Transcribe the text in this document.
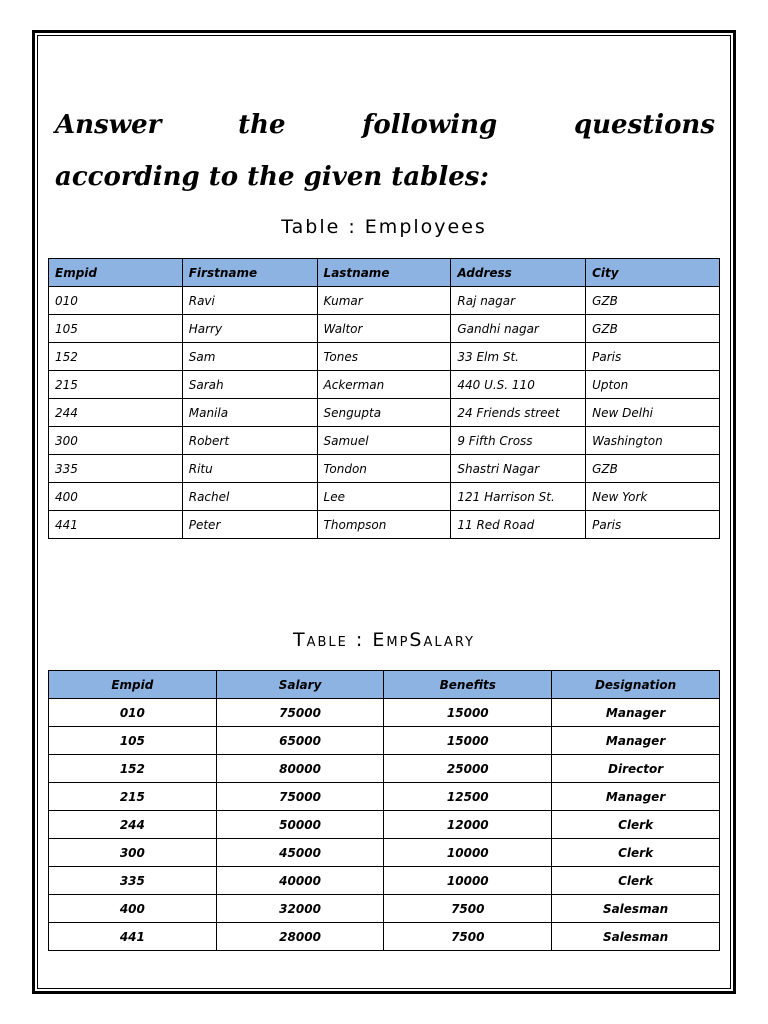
Answer	the	following	questions
according to the given tables:
Table : Employees
Empid	Firstname	Lastname	Address	City
010	Ravi	Kumar	Raj nagar	GZB
105	Harry	Waltor	Gandhi nagar	GZB
152	Sam	Tones	33 Elm St.	Paris
215	Sarah	Ackerman	440 U.S. 110	Upton
244	Manila	Sengupta	24 Friends street	New Delhi
300	Robert	Samuel	9 Fifth Cross	Washington
335	Ritu	Tondon	Shastri Nagar	GZB
400	Rachel	Lee	121 Harrison St.	New York
441	Peter	Thompson	11 Red Road	Paris
Table : EmpSalary
Empid	Salary	Benefits	Designation
010	75000	15000	Manager
105	65000	15000	Manager
152	80000	25000	Director
215	75000	12500	Manager
244	50000	12000	Clerk
300	45000	10000	Clerk
335	40000	10000	Clerk
400	32000	7500	Salesman
441	28000	7500	Salesman
